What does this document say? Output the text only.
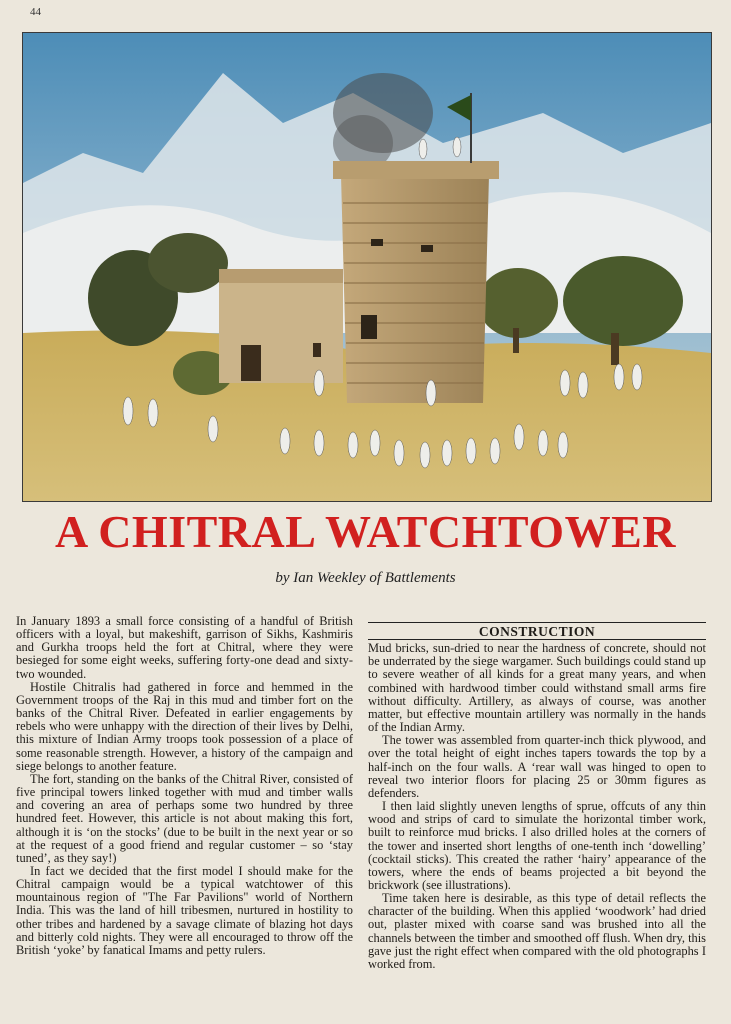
44
A CHITRAL WATCHTOWER
by Ian Weekley of Battlements

In January 1893 a small force consisting of a handful of British officers with a loyal, but makeshift, garrison of Sikhs, Kashmiris and Gurkha troops held the fort at Chitral, where they were besieged for some eight weeks, suffering forty-one dead and sixty-two wounded.

Hostile Chitralis had gathered in force and hemmed in the Government troops of the Raj in this mud and timber fort on the banks of the Chitral River. Defeated in earlier engagements by rebels who were unhappy with the direction of their lives by Delhi, this mixture of Indian Army troops took possession of a place of some reasonable strength. However, a history of the campaign and siege belongs to another feature.

The fort, standing on the banks of the Chitral River, consisted of five principal towers linked together with mud and timber walls and covering an area of perhaps some two hundred by three hundred feet. However, this article is not about making this fort, although it is ‘on the stocks’ (due to be built in the next year or so at the request of a good friend and regular customer – so ‘stay tuned’, as they say!)

In fact we decided that the first model I should make for the Chitral campaign would be a typical watchtower of this mountainous region of "The Far Pavilions" world of Northern India. This was the land of hill tribesmen, nurtured in hostility to other tribes and hardened by a savage climate of blazing hot days and bitterly cold nights. They were all encouraged to throw off the British ‘yoke’ by fanatical Imams and petty rulers.

CONSTRUCTION

Mud bricks, sun-dried to near the hardness of concrete, should not be underrated by the siege wargamer. Such buildings could stand up to severe weather of all kinds for a great many years, and when combined with hardwood timber could withstand small arms fire without difficulty. Artillery, as always of course, was another matter, but effective mountain artillery was normally in the hands of the Indian Army.

The tower was assembled from quarter-inch thick plywood, and over the total height of eight inches tapers towards the top by a half-inch on the four walls. A ‘rear wall was hinged to open to reveal two interior floors for placing 25 or 30mm figures as defenders.

I then laid slightly uneven lengths of sprue, offcuts of any thin wood and strips of card to simulate the horizontal timber work, built to reinforce mud bricks. I also drilled holes at the corners of the tower and inserted short lengths of one-tenth inch ‘dowelling’ (cocktail sticks). This created the rather ‘hairy’ appearance of the towers, where the ends of beams projected a bit beyond the brickwork (see illustrations).

Time taken here is desirable, as this type of detail reflects the character of the building. When this applied ‘woodwork’ had dried out, plaster mixed with coarse sand was brushed into all the channels between the timber and smoothed off flush. When dry, this gave just the right effect when compared with the old photographs I worked from.
